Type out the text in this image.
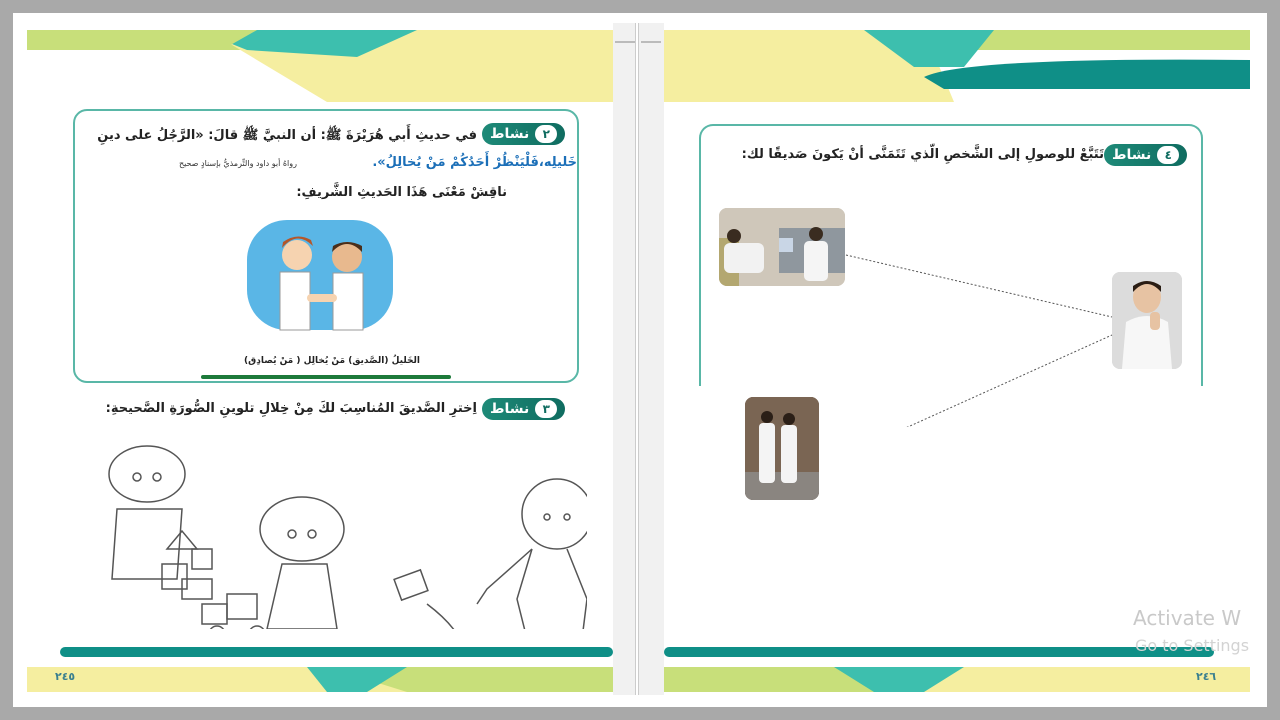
٢
نشاط
في حديثِ أَبي هُرَيْرَةَ ﷺ: أن النبيَّ ﷺ قالَ: «الرَّجُلُ على دينِ
خَليلِه،فَلْيَنْظُرْ أَحَدُكُمْ مَنْ يُخالِلُ».
رواهُ أبو داود والتِّرمذيُّ بإسنادٍ صحيح
ناقِشْ مَعْنَى هَذَا الحَديثِ الشَّريفِ:
الخَليلُ (الصَّديق) مَنْ يُخالِل ( مَنْ يُصادِق)
٣
نشاط
اِخترِ الصَّديقَ المُناسِبَ لكَ مِنْ خِلالِ تلوينِ الصُّورَةِ الصَّحيحةِ:
٢٤٥
٤
نشاط
تَتَبَّعْ للوصولِ إلى الشَّخصِ الّذي تَتَمَنَّى أنْ يَكونَ صَديقًا لك:
٢٤٦
Activate W
Go to Settings
